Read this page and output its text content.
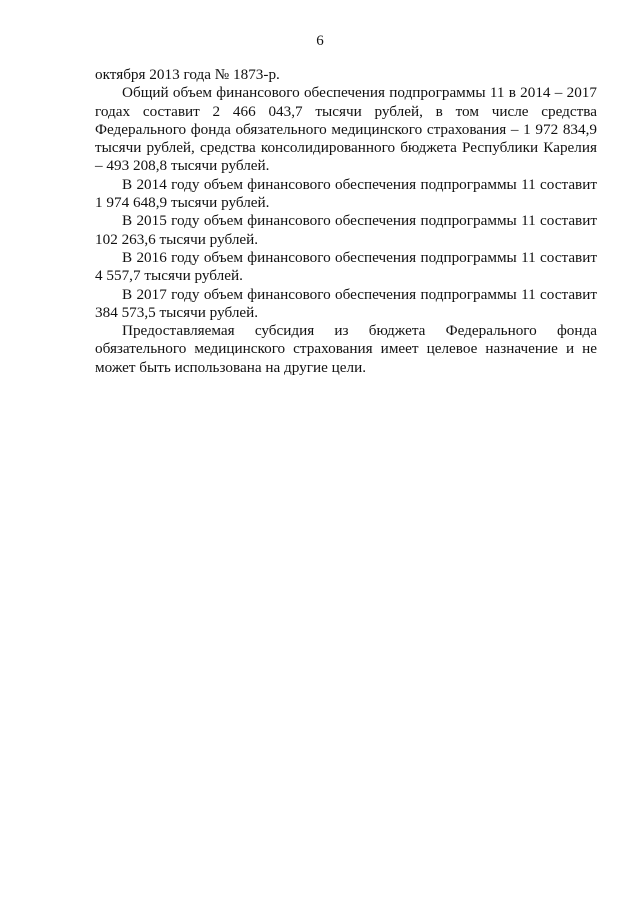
6

октября 2013 года № 1873-р.

Общий объем финансового обеспечения подпрограммы 11 в 2014 – 2017 годах составит 2 466 043,7 тысячи рублей, в том числе средства Федерального фонда обязательного медицинского страхования – 1 972 834,9 тысячи рублей, средства консолидированного бюджета Республики Карелия – 493 208,8 тысячи рублей.

В 2014 году объем финансового обеспечения подпрограммы 11 составит 1 974 648,9 тысячи рублей.

В 2015 году объем финансового обеспечения подпрограммы 11 составит 102 263,6 тысячи рублей.

В 2016 году объем финансового обеспечения подпрограммы 11 составит 4 557,7 тысячи рублей.

В 2017 году объем финансового обеспечения подпрограммы 11 составит 384 573,5 тысячи рублей.

Предоставляемая субсидия из бюджета Федерального фонда обязательного медицинского страхования имеет целевое назначение и не может быть использована на другие цели.
